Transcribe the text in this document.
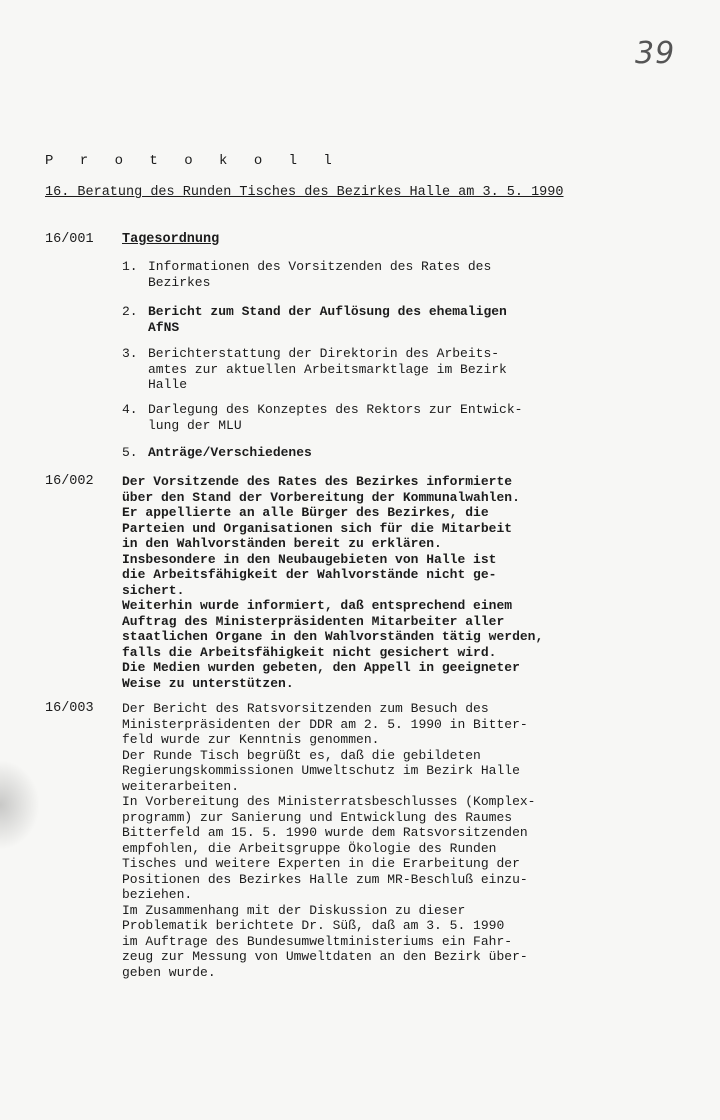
39
P r o t o k o l l
16. Beratung des Runden Tisches des Bezirkes Halle am 3. 5. 1990
16/001 Tagesordnung
1. Informationen des Vorsitzenden des Rates des
Bezirkes
2. Bericht zum Stand der Auflösung des ehemaligen
AfNS
3. Berichterstattung der Direktorin des Arbeits-
amtes zur aktuellen Arbeitsmarktlage im Bezirk
Halle
4. Darlegung des Konzeptes des Rektors zur Entwick-
lung der MLU
5. Anträge/Verschiedenes
16/002 Der Vorsitzende des Rates des Bezirkes informierte
über den Stand der Vorbereitung der Kommunalwahlen.
Er appellierte an alle Bürger des Bezirkes, die
Parteien und Organisationen sich für die Mitarbeit
in den Wahlvorständen bereit zu erklären.
Insbesondere in den Neubaugebieten von Halle ist
die Arbeitsfähigkeit der Wahlvorstände nicht ge-
sichert.
Weiterhin wurde informiert, daß entsprechend einem
Auftrag des Ministerpräsidenten Mitarbeiter aller
staatlichen Organe in den Wahlvorständen tätig werden,
falls die Arbeitsfähigkeit nicht gesichert wird.
Die Medien wurden gebeten, den Appell in geeigneter
Weise zu unterstützen.
16/003 Der Bericht des Ratsvorsitzenden zum Besuch des
Ministerpräsidenten der DDR am 2. 5. 1990 in Bitter-
feld wurde zur Kenntnis genommen.
Der Runde Tisch begrüßt es, daß die gebildeten
Regierungskommissionen Umweltschutz im Bezirk Halle
weiterarbeiten.
In Vorbereitung des Ministerratsbeschlusses (Komplex-
programm) zur Sanierung und Entwicklung des Raumes
Bitterfeld am 15. 5. 1990 wurde dem Ratsvorsitzenden
empfohlen, die Arbeitsgruppe Ökologie des Runden
Tisches und weitere Experten in die Erarbeitung der
Positionen des Bezirkes Halle zum MR-Beschluß einzu-
beziehen.
Im Zusammenhang mit der Diskussion zu dieser
Problematik berichtete Dr. Süß, daß am 3. 5. 1990
im Auftrage des Bundesumweltministeriums ein Fahr-
zeug zur Messung von Umweltdaten an den Bezirk über-
geben wurde.
